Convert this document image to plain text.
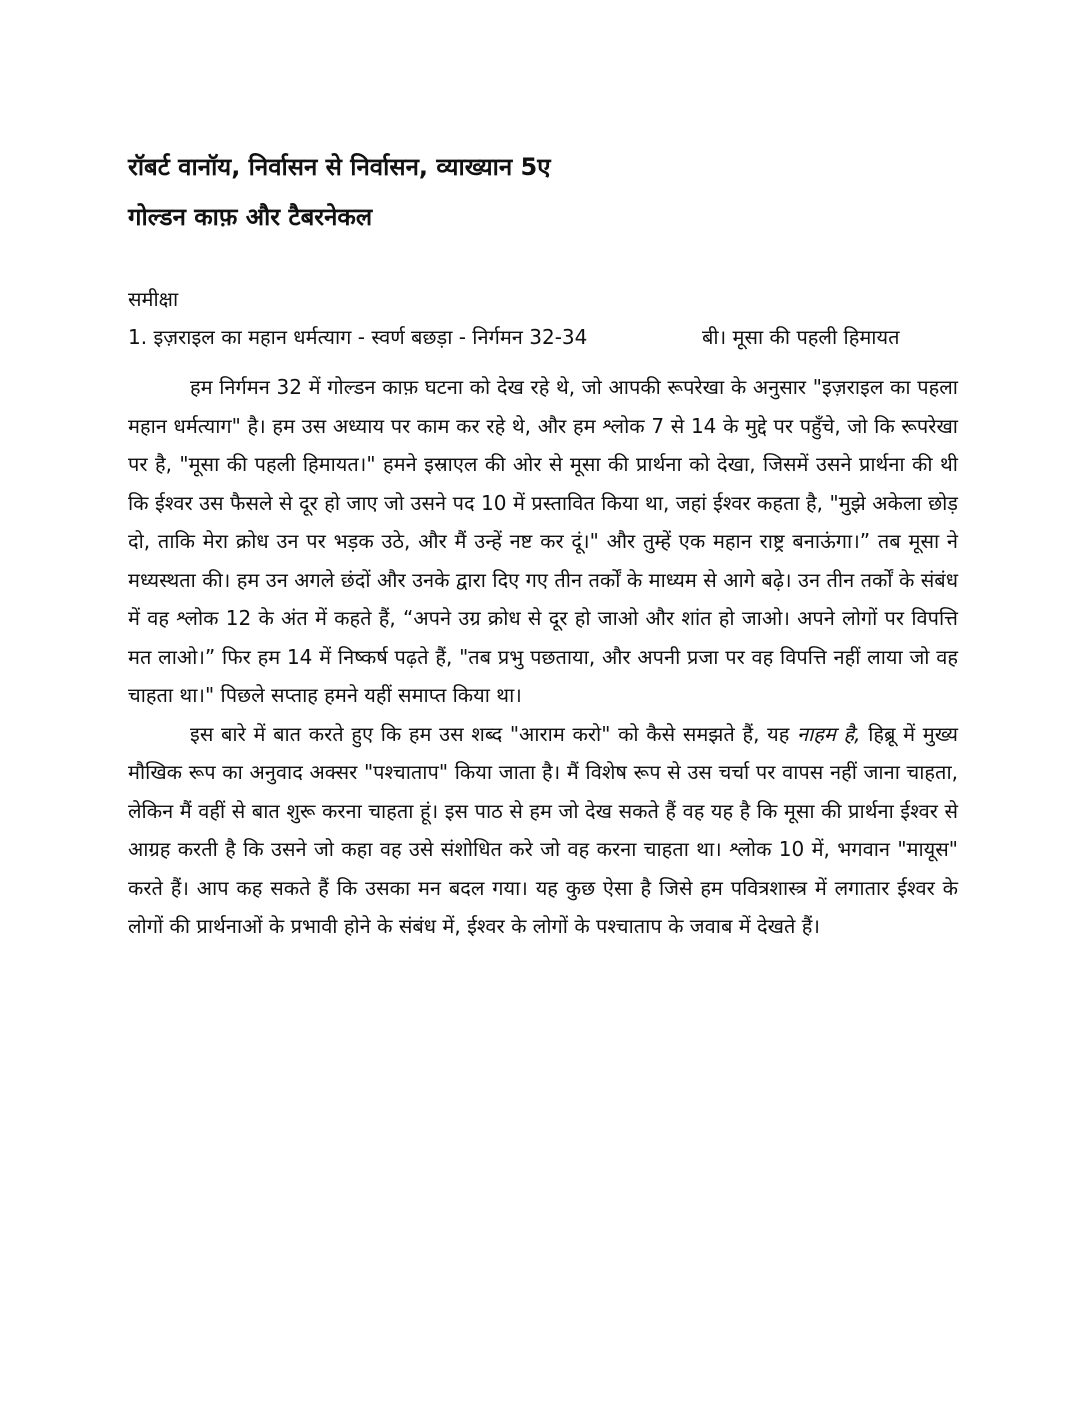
रॉबर्ट वानॉय, निर्वासन से निर्वासन, व्याख्यान 5ए
गोल्डन काफ़ और टैबरनेकल

समीक्षा

1. इज़राइल का महान धर्मत्याग - स्वर्ण बछड़ा - निर्गमन 32-34	बी। मूसा की पहली हिमायत

हम निर्गमन 32 में गोल्डन काफ़ घटना को देख रहे थे, जो आपकी रूपरेखा के अनुसार "इज़राइल का पहला महान धर्मत्याग" है। हम उस अध्याय पर काम कर रहे थे, और हम श्लोक 7 से 14 के मुद्दे पर पहुँचे, जो कि रूपरेखा पर है, "मूसा की पहली हिमायत।" हमने इस्राएल की ओर से मूसा की प्रार्थना को देखा, जिसमें उसने प्रार्थना की थी कि ईश्वर उस फैसले से दूर हो जाए जो उसने पद 10 में प्रस्तावित किया था, जहां ईश्वर कहता है, "मुझे अकेला छोड़ दो, ताकि मेरा क्रोध उन पर भड़क उठे, और मैं उन्हें नष्ट कर दूं।" और तुम्हें एक महान राष्ट्र बनाऊंगा।” तब मूसा ने मध्यस्थता की। हम उन अगले छंदों और उनके द्वारा दिए गए तीन तर्कों के माध्यम से आगे बढ़े। उन तीन तर्कों के संबंध में वह श्लोक 12 के अंत में कहते हैं, “अपने उग्र क्रोध से दूर हो जाओ और शांत हो जाओ। अपने लोगों पर विपत्ति मत लाओ।” फिर हम 14 में निष्कर्ष पढ़ते हैं, "तब प्रभु पछताया, और अपनी प्रजा पर वह विपत्ति नहीं लाया जो वह चाहता था।" पिछले सप्ताह हमने यहीं समाप्त किया था।

इस बारे में बात करते हुए कि हम उस शब्द "आराम करो" को कैसे समझते हैं, यह नाहम है, हिब्रू में मुख्य मौखिक रूप का अनुवाद अक्सर "पश्चाताप" किया जाता है। मैं विशेष रूप से उस चर्चा पर वापस नहीं जाना चाहता, लेकिन मैं वहीं से बात शुरू करना चाहता हूं। इस पाठ से हम जो देख सकते हैं वह यह है कि मूसा की प्रार्थना ईश्वर से आग्रह करती है कि उसने जो कहा वह उसे संशोधित करे जो वह करना चाहता था। श्लोक 10 में, भगवान "मायूस" करते हैं। आप कह सकते हैं कि उसका मन बदल गया। यह कुछ ऐसा है जिसे हम पवित्रशास्त्र में लगातार ईश्वर के लोगों की प्रार्थनाओं के प्रभावी होने के संबंध में, ईश्वर के लोगों के पश्चाताप के जवाब में देखते हैं।
